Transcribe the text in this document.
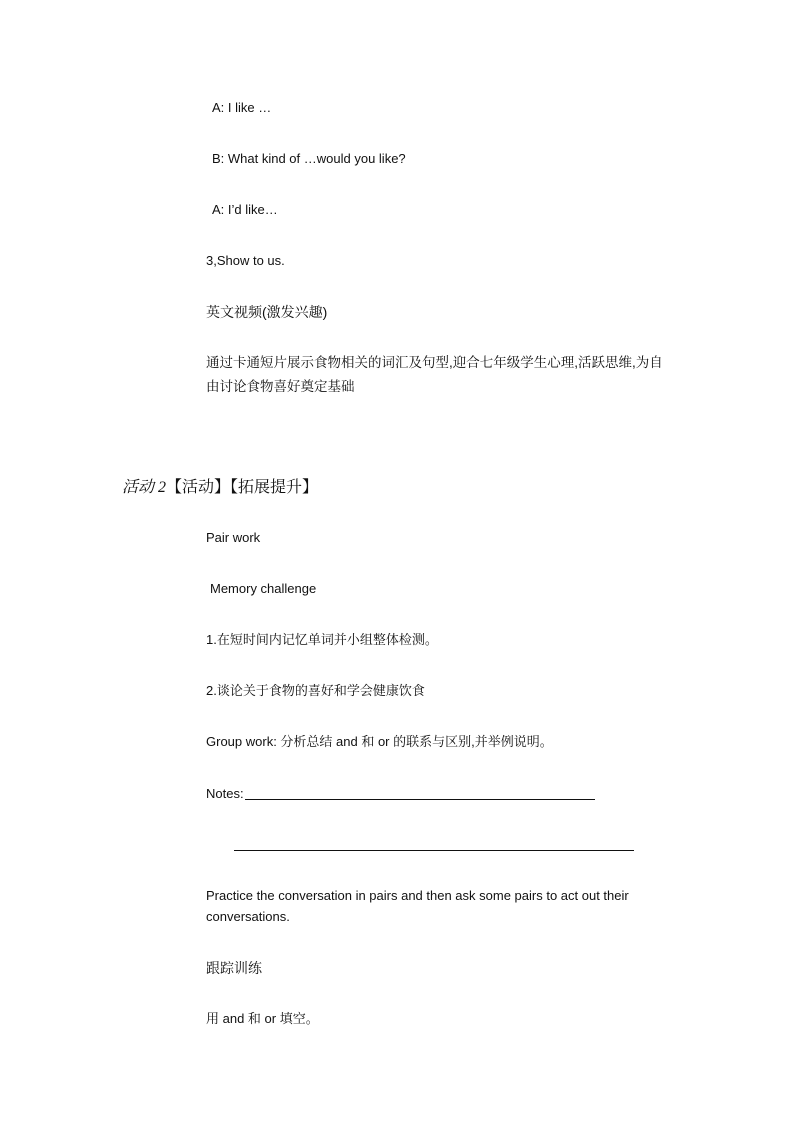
A: I like …

B: What kind of …would you like?

A: I’d like…

3,Show to us.

英文视频(激发兴趣)

通过卡通短片展示食物相关的词汇及句型,迎合七年级学生心理,活跃思维,为自由讨论食物喜好奠定基础

活动 2【活动】【拓展提升】

Pair work

Memory challenge

1.在短时间内记忆单词并小组整体检测。

2.谈论关于食物的喜好和学会健康饮食

Group work: 分析总结 and 和 or 的联系与区别,并举例说明。

Notes:

Practice the conversation in pairs and then ask some pairs to act out their conversations.

跟踪训练

用 and 和 or 填空。
